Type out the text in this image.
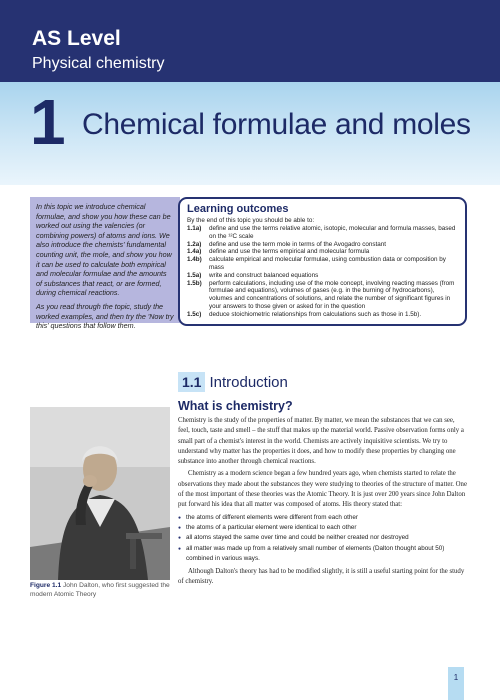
AS Level
Physical chemistry
1 Chemical formulae and moles

In this topic we introduce chemical formulae, and show you how these can be worked out using the valencies (or combining powers) of atoms and ions. We also introduce the chemists' fundamental counting unit, the mole, and show you how it can be used to calculate both empirical and molecular formulae and the amounts of substances that react, or are formed, during chemical reactions.

As you read through the topic, study the worked examples, and then try the 'Now try this' questions that follow them.

Learning outcomes
By the end of this topic you should be able to:
1.1a)	define and use the terms relative atomic, isotopic, molecular and formula masses, based on the ¹²C scale
1.2a)	define and use the term mole in terms of the Avogadro constant
1.4a)	define and use the terms empirical and molecular formula
1.4b)	calculate empirical and molecular formulae, using combustion data or composition by mass
1.5a)	write and construct balanced equations
1.5b)	perform calculations, including use of the mole concept, involving reacting masses (from formulae and equations), volumes of gases (e.g. in the burning of hydrocarbons), volumes and concentrations of solutions, and relate the number of significant figures in your answers to those given or asked for in the question
1.5c)	deduce stoichiometric relationships from calculations such as those in 1.5b).
1.1 Introduction
What is chemistry?

Chemistry is the study of the properties of matter. By matter, we mean the substances that we can see, feel, touch, taste and smell – the stuff that makes up the material world. Passive observation forms only a small part of a chemist's interest in the world. Chemists are actively inquisitive scientists. We try to understand why matter has the properties it does, and how to modify these properties by changing one substance into another through chemical reactions.

Chemistry as a modern science began a few hundred years ago, when chemists started to relate the observations they made about the substances they were studying to theories of the structure of matter. One of the most important of these theories was the Atomic Theory. It is just over 200 years since John Dalton put forward his idea that all matter was composed of atoms. His theory stated that:

● the atoms of different elements were different from each other
● the atoms of a particular element were identical to each other
● all atoms stayed the same over time and could be neither created nor destroyed
● all matter was made up from a relatively small number of elements (Dalton thought about 50) combined in various ways.

Although Dalton's theory has had to be modified slightly, it is still a useful starting point for the study of chemistry.

Figure 1.1 John Dalton, who first suggested the modern Atomic Theory
1
